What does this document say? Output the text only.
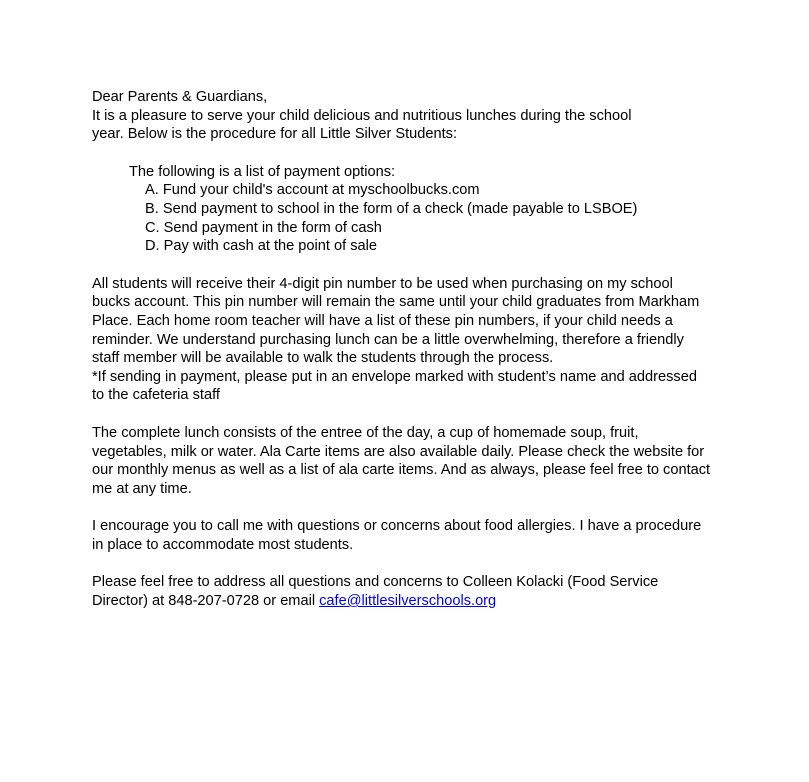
Dear Parents & Guardians,

It is a pleasure to serve your child delicious and nutritious lunches during the school
year. Below is the procedure for all Little Silver Students:

The following is a list of payment options:

A. Fund your child's account at myschoolbucks.com
B. Send payment to school in the form of a check (made payable to LSBOE)
C. Send payment in the form of cash
D. Pay with cash at the point of sale

All students will receive their 4-digit pin number to be used when purchasing on my school
bucks account. This pin number will remain the same until your child graduates from Markham
Place. Each home room teacher will have a list of these pin numbers, if your child needs a
reminder. We understand purchasing lunch can be a little overwhelming, therefore a friendly
staff member will be available to walk the students through the process.

*If sending in payment, please put in an envelope marked with student’s name and addressed
to the cafeteria staff

The complete lunch consists of the entree of the day, a cup of homemade soup, fruit,
vegetables, milk or water. Ala Carte items are also available daily. Please check the website for
our monthly menus as well as a list of ala carte items. And as always, please feel free to contact
me at any time.

I encourage you to call me with questions or concerns about food allergies. I have a procedure
in place to accommodate most students.

Please feel free to address all questions and concerns to Colleen Kolacki (Food Service
Director) at 848-207-0728 or email cafe@littlesilverschools.org
